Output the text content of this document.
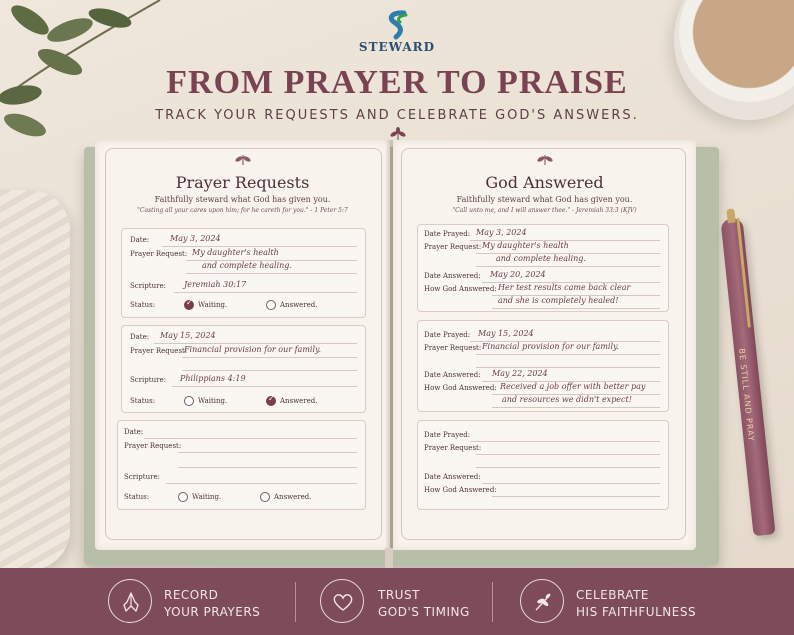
STEWARD
FROM PRAYER TO PRAISE
TRACK YOUR REQUESTS AND CELEBRATE GOD'S ANSWERS.
Prayer Requests
Faithfully steward what God has given you.
"Casting all your cares upon him; for he careth for you." - 1 Peter 5:7
Date:	May 3, 2024
Prayer Request: My daughter's health
and complete healing.
Scripture: Jeremiah 30:17
Status: ✓	Waiting.	Answered.
Date: May 15, 2024
Prayer Request:
Financial provision for our family.
Scripture: Philippians 4:19
Status:	Waiting. ✓	Answered.
Date:
Prayer Request:
Scripture:
Status:	Waiting.	Answered.
God Answered
Faithfully steward what God has given you.
"Call unto me, and I will answer thee." - Jeremiah 33:3 (KJV)
Date Prayed: May 3, 2024
Prayer Request: My daughter's health
and complete healing.
Date Answered: May 20, 2024
How God Answered: Her test results came back clear
and she is completely healed!
Date Prayed: May 15, 2024
Prayer Request: Financial provision for our family.
Date Answered: May 22, 2024
How God Answered: Received a job offer with better pay
and resources we didn't expect!
Date Prayed:
Prayer Request:
Date Answered:
How God Answered:
BE STILL AND PRAY
RECORD
YOUR PRAYERS
TRUST
GOD'S TIMING
CELEBRATE
HIS FAITHFULNESS
